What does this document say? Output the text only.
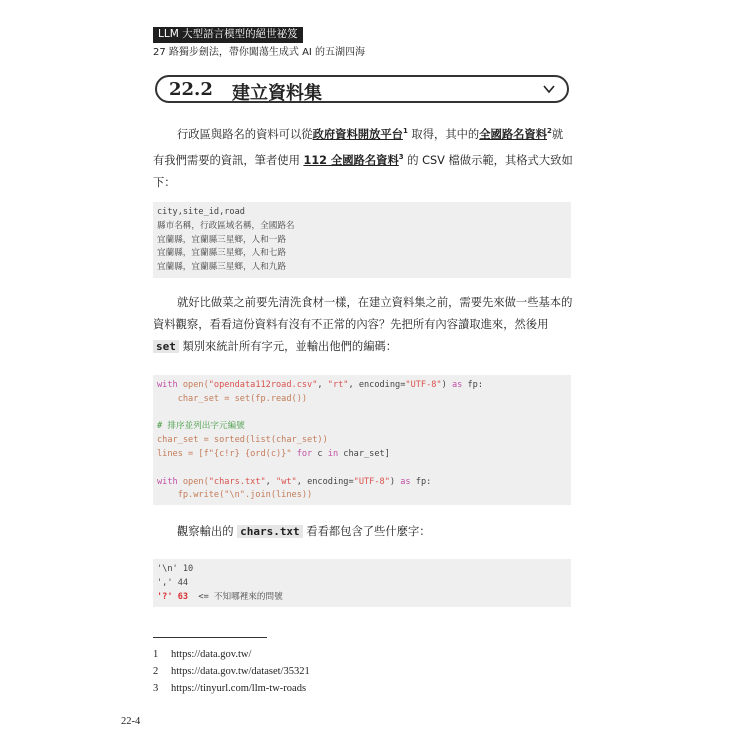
LLM 大型語言模型的絕世祕笈
27 路獨步劍法，帶你闖蕩生成式 AI 的五湖四海
22.2 建立資料集
行政區與路名的資料可以從政府資料開放平台$^1$ 取得，其中的全國路名資料$^2$就有我們需要的資訊，筆者使用 112 全國路名資料$^3$ 的 CSV 檔做示範，其格式大致如下：
city,site_id,road
縣市名稱，行政區域名稱，全國路名
宜蘭縣，宜蘭縣三星鄉，人和一路
宜蘭縣，宜蘭縣三星鄉，人和七路
宜蘭縣，宜蘭縣三星鄉，人和九路
就好比做菜之前要先清洗食材一樣，在建立資料集之前，需要先來做一些基本的資料觀察，看看這份資料有沒有不正常的內容？先把所有內容讀取進來，然後用 set 類別來統計所有字元，並輸出他們的編碼：
with open("opendata112road.csv", "rt", encoding="UTF-8") as fp:
char_set = set(fp.read())

# 排序並列出字元編號
char_set = sorted(list(char_set))
lines = [f"{c!r} {ord(c)}" for c in char_set]

with open("chars.txt", "wt", encoding="UTF-8") as fp:
fp.write("\n".join(lines))
觀察輸出的 chars.txt 看看都包含了些什麼字：
'\n' 10
',' 44
'?' 63  <= 不知哪裡來的問號
1 https://data.gov.tw/
2 https://data.gov.tw/dataset/35321
3 https://tinyurl.com/llm-tw-roads
22-4
